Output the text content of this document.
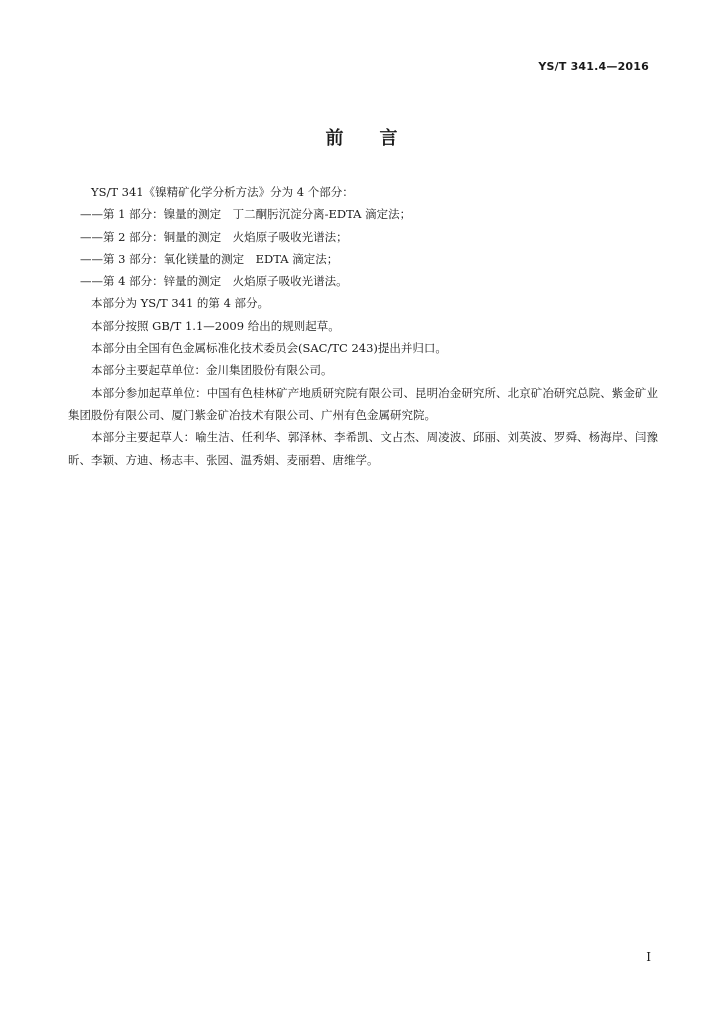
YS/T 341.4—2016
前言

YS/T 341《镍精矿化学分析方法》分为 4 个部分：

——第 1 部分：镍量的测定　丁二酮肟沉淀分离-EDTA 滴定法；

——第 2 部分：铜量的测定　火焰原子吸收光谱法；

——第 3 部分：氧化镁量的测定　EDTA 滴定法；

——第 4 部分：锌量的测定　火焰原子吸收光谱法。

本部分为 YS/T 341 的第 4 部分。

本部分按照 GB/T 1.1—2009 给出的规则起草。

本部分由全国有色金属标准化技术委员会(SAC/TC 243)提出并归口。

本部分主要起草单位：金川集团股份有限公司。

本部分参加起草单位：中国有色桂林矿产地质研究院有限公司、昆明冶金研究所、北京矿冶研究总院、紫金矿业集团股份有限公司、厦门紫金矿冶技术有限公司、广州有色金属研究院。

本部分主要起草人：喻生洁、任利华、郭泽林、李希凯、文占杰、周凌波、邱丽、刘英波、罗舜、杨海岸、闫豫昕、李颖、方迪、杨志丰、张园、温秀娟、麦丽碧、唐维学。

I
